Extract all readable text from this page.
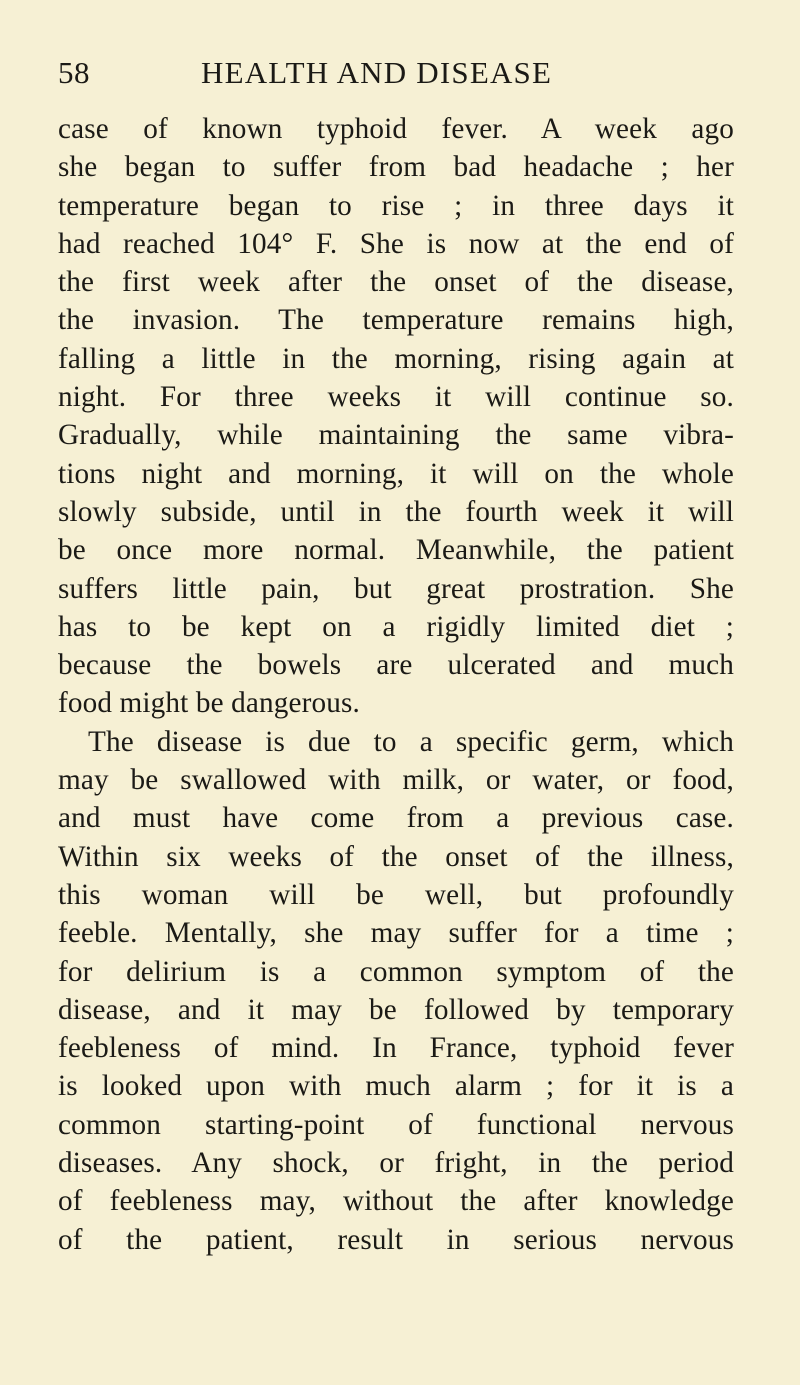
58	HEALTH AND DISEASE
case of known typhoid fever. A week ago
she began to suffer from bad headache ; her
temperature began to rise ; in three days it
had reached 104° F. She is now at the end of
the first week after the onset of the disease,
the invasion. The temperature remains high,
falling a little in the morning, rising again at
night. For three weeks it will continue so.
Gradually, while maintaining the same vibra-
tions night and morning, it will on the whole
slowly subside, until in the fourth week it will
be once more normal. Meanwhile, the patient
suffers little pain, but great prostration. She
has to be kept on a rigidly limited diet ;
because the bowels are ulcerated and much
food might be dangerous.
The disease is due to a specific germ, which
may be swallowed with milk, or water, or food,
and must have come from a previous case.
Within six weeks of the onset of the illness,
this woman will be well, but profoundly
feeble. Mentally, she may suffer for a time ;
for delirium is a common symptom of the
disease, and it may be followed by temporary
feebleness of mind. In France, typhoid fever
is looked upon with much alarm ; for it is a
common starting-point of functional nervous
diseases. Any shock, or fright, in the period
of feebleness may, without the after knowledge
of the patient, result in serious nervous
